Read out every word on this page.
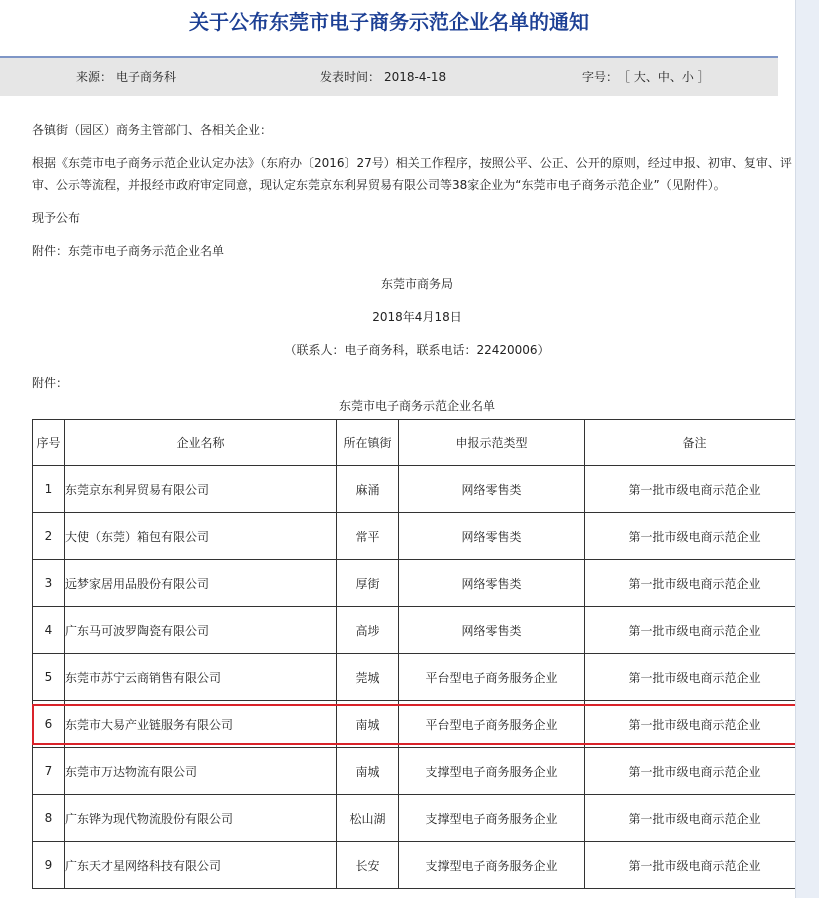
关于公布东莞市电子商务示范企业名单的通知
来源： 电子商务科	发表时间： 2018-4-18	字号： ［ 大、中、小 ］
各镇街（园区）商务主管部门、各相关企业：
根据《东莞市电子商务示范企业认定办法》（东府办〔2016〕27号）相关工作程序，按照公平、公正、公开的原则，经过申报、初审、复审、评
审、公示等流程，并报经市政府审定同意，现认定东莞京东利昇贸易有限公司等38家企业为“东莞市电子商务示范企业”（见附件）。
现予公布
附件：东莞市电子商务示范企业名单
东莞市商务局
2018年4月18日
（联系人：电子商务科，联系电话：22420006）
附件：
东莞市电子商务示范企业名单
序号	企业名称	所在镇街	申报示范类型	备注
1	东莞京东利昇贸易有限公司	麻涌	网络零售类	第一批市级电商示范企业
2	大使（东莞）箱包有限公司	常平	网络零售类	第一批市级电商示范企业
3	远梦家居用品股份有限公司	厚街	网络零售类	第一批市级电商示范企业
4	广东马可波罗陶瓷有限公司	高埗	网络零售类	第一批市级电商示范企业
5	东莞市苏宁云商销售有限公司	莞城	平台型电子商务服务企业	第一批市级电商示范企业
6	东莞市大易产业链服务有限公司	南城	平台型电子商务服务企业	第一批市级电商示范企业
7	东莞市万达物流有限公司	南城	支撑型电子商务服务企业	第一批市级电商示范企业
8	广东铧为现代物流股份有限公司	松山湖	支撑型电子商务服务企业	第一批市级电商示范企业
9	广东天才星网络科技有限公司	长安	支撑型电子商务服务企业	第一批市级电商示范企业
